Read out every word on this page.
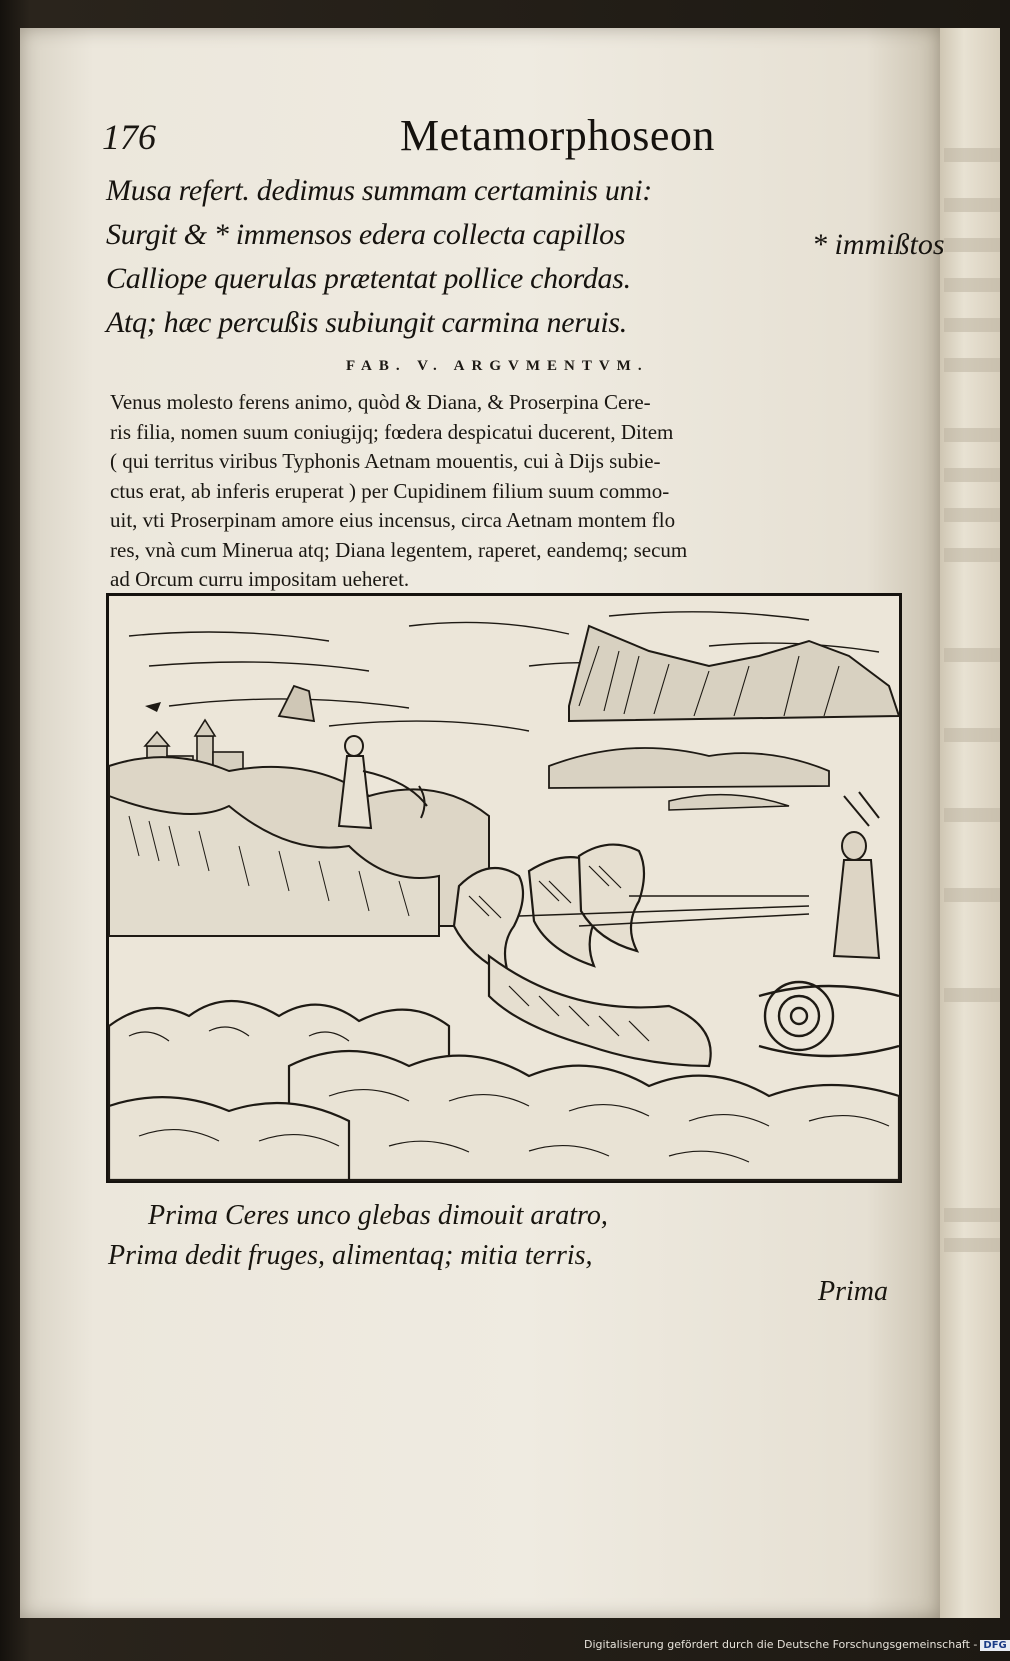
176	Metamorphoseon
Musa refert. dedimus summam certaminis uni:
Surgit & * immensos edera collecta capillos
Calliope querulas prætentat pollice chordas.
Atq; hæc percußis subiungit carmina neruis.
* immißtos
FAB. V. ARGVMENTVM.
Venus molesto ferens animo, quòd & Diana, & Proserpina Cere-
ris filia, nomen suum coniugijq; fœdera despicatui ducerent, Ditem
( qui territus viribus Typhonis Aetnam mouentis, cui à Dijs subie-
ctus erat, ab inferis eruperat ) per Cupidinem filium suum commo-
uit, vti Proserpinam amore eius incensus, circa Aetnam montem flo
res, vnà cum Minerua atq; Diana legentem, raperet, eandemq; secum
ad Orcum curru impositam ueheret.
Prima Ceres unco glebas dimouit aratro,
Prima dedit fruges, alimentaq; mitia terris,
Prima
Digitalisierung gefördert durch die Deutsche Forschungsgemeinschaft - DFG
